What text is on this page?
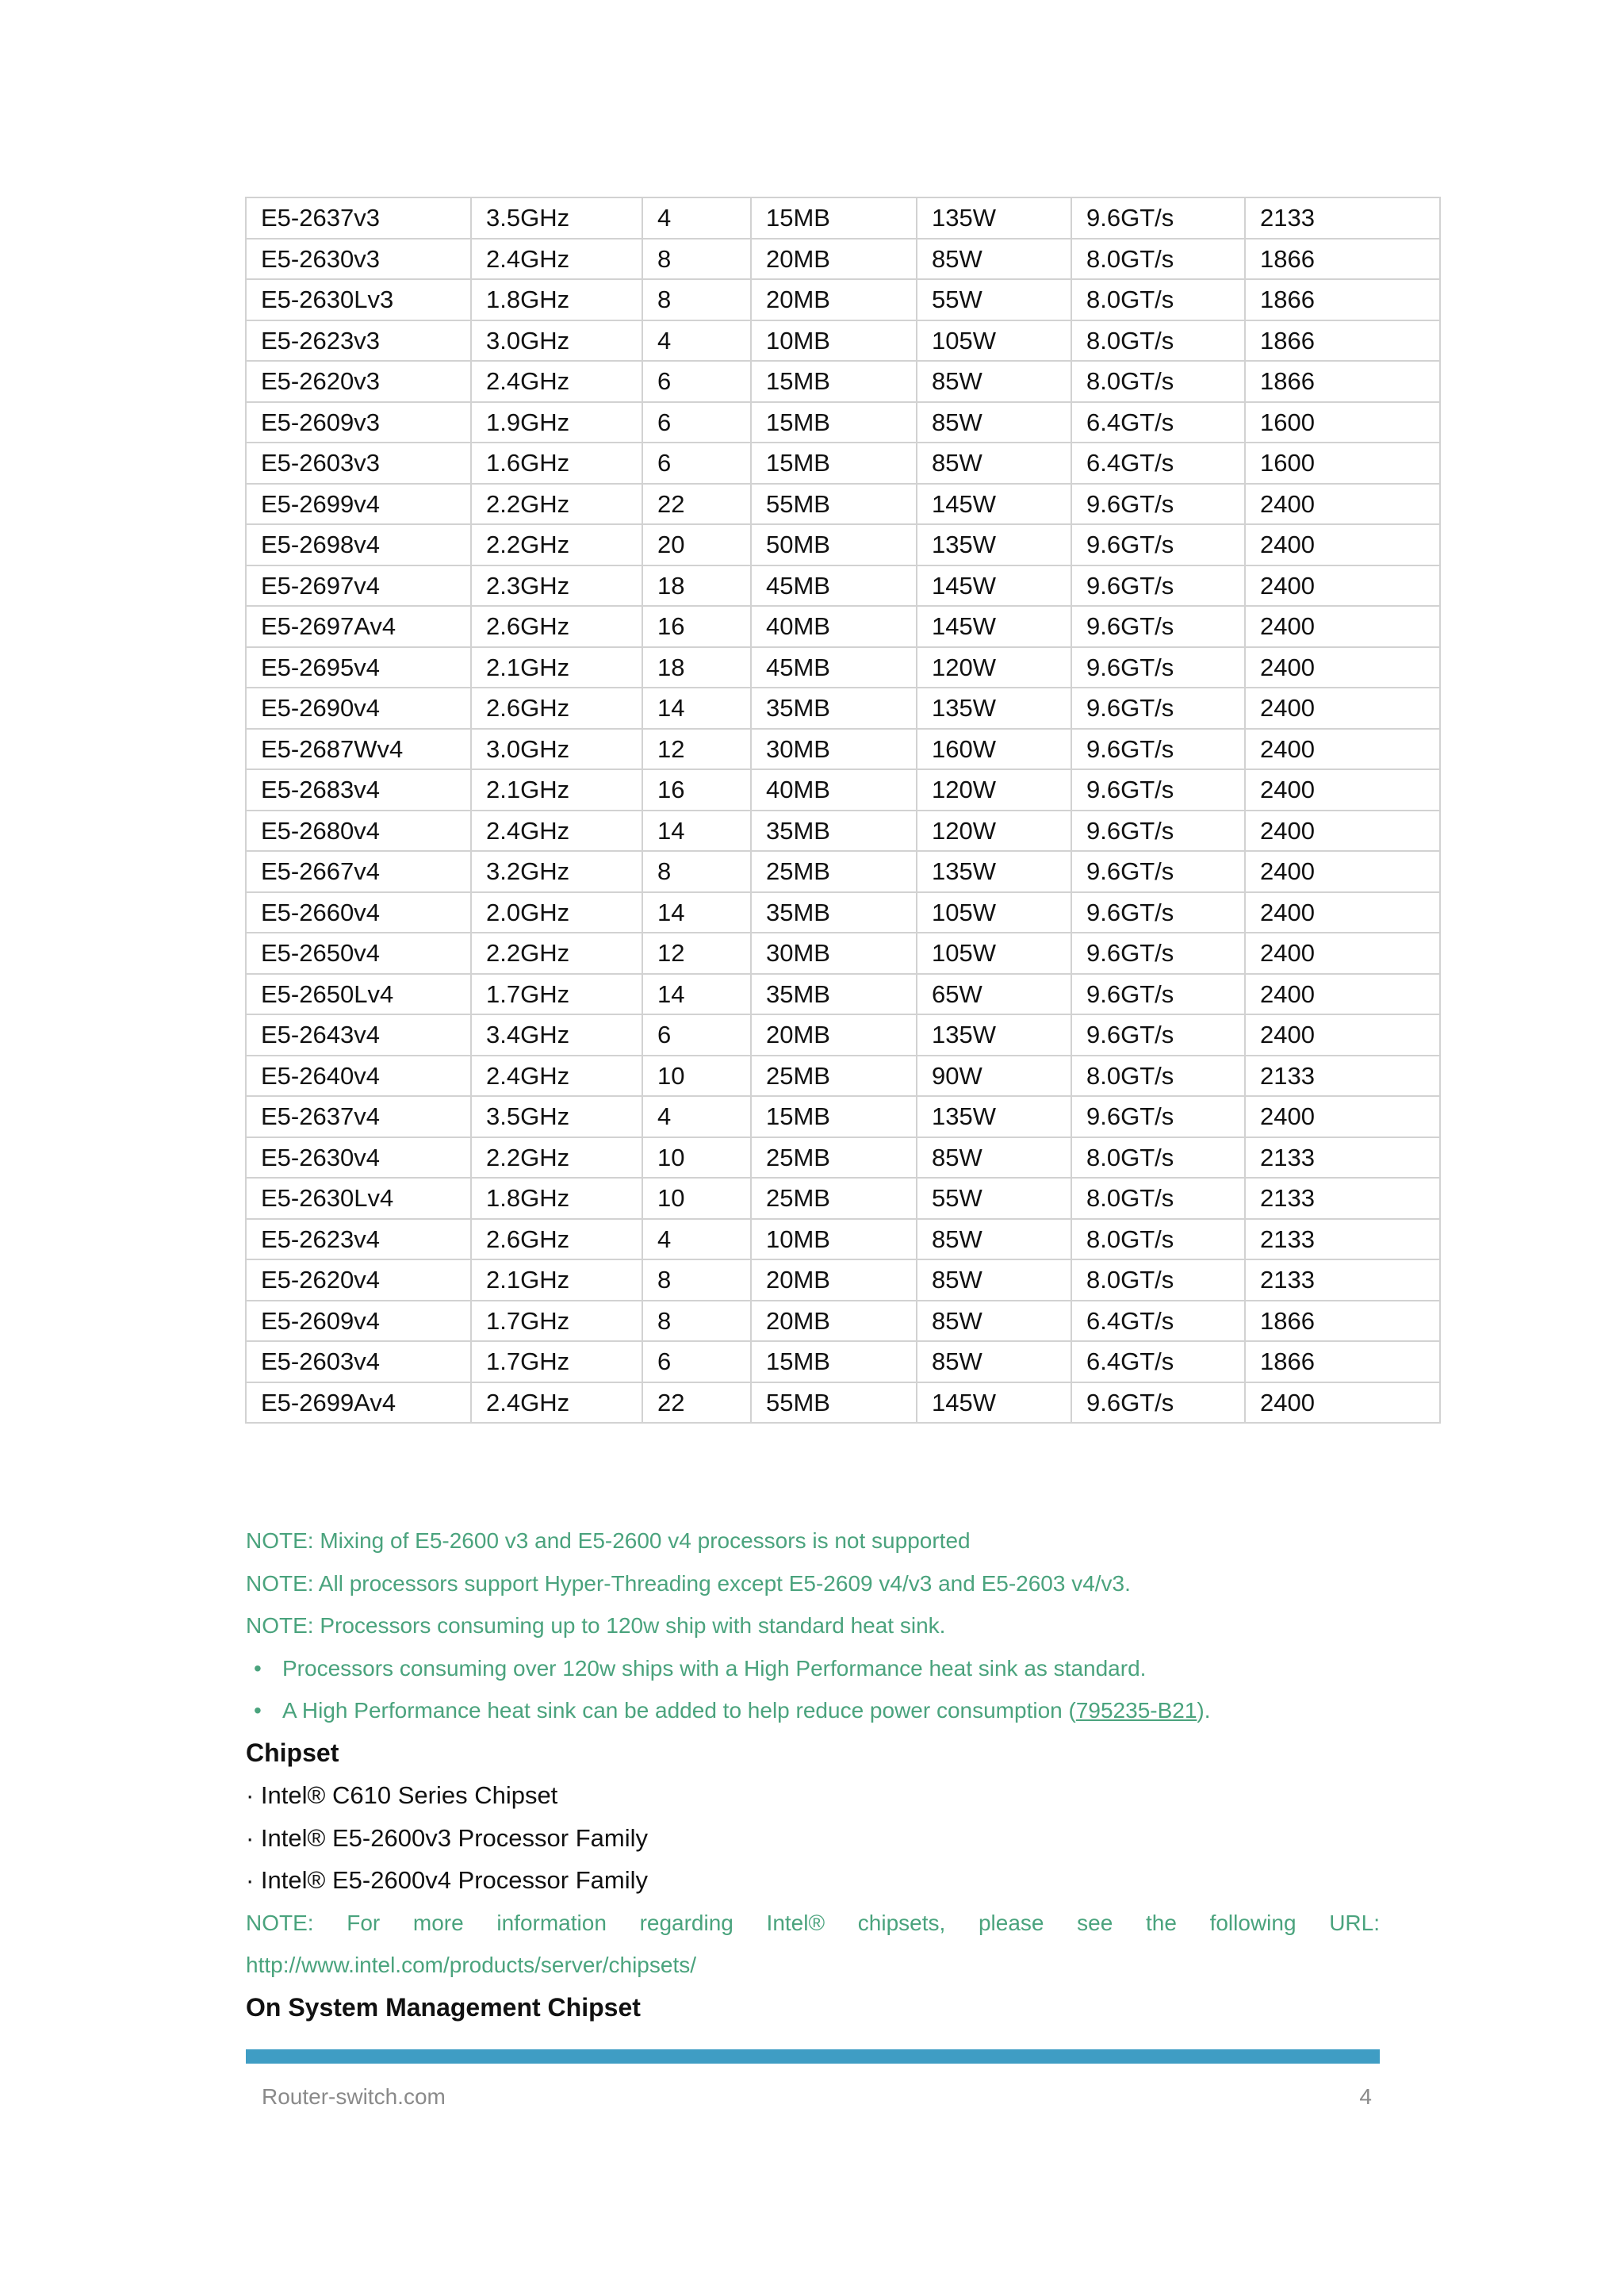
E5-2637v3	3.5GHz	4	15MB	135W	9.6GT/s	2133
E5-2630v3	2.4GHz	8	20MB	85W	8.0GT/s	1866
E5-2630Lv3	1.8GHz	8	20MB	55W	8.0GT/s	1866
E5-2623v3	3.0GHz	4	10MB	105W	8.0GT/s	1866
E5-2620v3	2.4GHz	6	15MB	85W	8.0GT/s	1866
E5-2609v3	1.9GHz	6	15MB	85W	6.4GT/s	1600
E5-2603v3	1.6GHz	6	15MB	85W	6.4GT/s	1600
E5-2699v4	2.2GHz	22	55MB	145W	9.6GT/s	2400
E5-2698v4	2.2GHz	20	50MB	135W	9.6GT/s	2400
E5-2697v4	2.3GHz	18	45MB	145W	9.6GT/s	2400
E5-2697Av4	2.6GHz	16	40MB	145W	9.6GT/s	2400
E5-2695v4	2.1GHz	18	45MB	120W	9.6GT/s	2400
E5-2690v4	2.6GHz	14	35MB	135W	9.6GT/s	2400
E5-2687Wv4	3.0GHz	12	30MB	160W	9.6GT/s	2400
E5-2683v4	2.1GHz	16	40MB	120W	9.6GT/s	2400
E5-2680v4	2.4GHz	14	35MB	120W	9.6GT/s	2400
E5-2667v4	3.2GHz	8	25MB	135W	9.6GT/s	2400
E5-2660v4	2.0GHz	14	35MB	105W	9.6GT/s	2400
E5-2650v4	2.2GHz	12	30MB	105W	9.6GT/s	2400
E5-2650Lv4	1.7GHz	14	35MB	65W	9.6GT/s	2400
E5-2643v4	3.4GHz	6	20MB	135W	9.6GT/s	2400
E5-2640v4	2.4GHz	10	25MB	90W	8.0GT/s	2133
E5-2637v4	3.5GHz	4	15MB	135W	9.6GT/s	2400
E5-2630v4	2.2GHz	10	25MB	85W	8.0GT/s	2133
E5-2630Lv4	1.8GHz	10	25MB	55W	8.0GT/s	2133
E5-2623v4	2.6GHz	4	10MB	85W	8.0GT/s	2133
E5-2620v4	2.1GHz	8	20MB	85W	8.0GT/s	2133
E5-2609v4	1.7GHz	8	20MB	85W	6.4GT/s	1866
E5-2603v4	1.7GHz	6	15MB	85W	6.4GT/s	1866
E5-2699Av4	2.4GHz	22	55MB	145W	9.6GT/s	2400
NOTE: Mixing of E5-2600 v3 and E5-2600 v4 processors is not supported
NOTE: All processors support Hyper-Threading except E5-2609 v4/v3 and E5-2603 v4/v3.
NOTE: Processors consuming up to 120w ship with standard heat sink.
• Processors consuming over 120w ships with a High Performance heat sink as standard.
• A High Performance heat sink can be added to help reduce power consumption (795235-B21).
Chipset
· Intel® C610 Series Chipset
· Intel® E5-2600v3 Processor Family
· Intel® E5-2600v4 Processor Family
NOTE: For more information regarding Intel® chipsets, please see the following URL:
http://www.intel.com/products/server/chipsets/
On System Management Chipset
Router-switch.com	4
